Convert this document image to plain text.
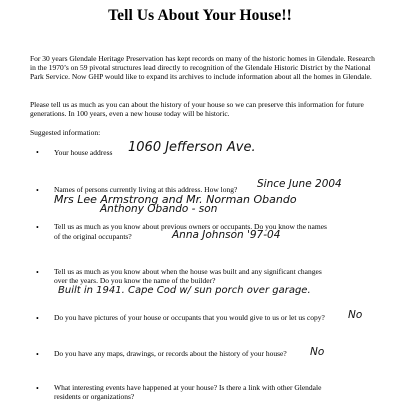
Tell Us About Your House!!
For 30 years Glendale Heritage Preservation has kept records on many of the historic homes in Glendale. Research in the 1970’s on 59 pivotal structures lead directly to recognition of the Glendale Historic District by the National Park Service. Now GHP would like to expand its archives to include information about all the homes in Glendale.
Please tell us as much as you can about the history of your house so we can preserve this information for future generations. In 100 years, even a new house today will be historic.
Suggested information:
• Your house address 1060 Jefferson Ave.
• Names of persons currently living at this address. How long? Since June 2004
Mrs Lee Armstrong and Mr. Norman Obando
Anthony Obando - son
• Tell us as much as you know about previous owners or occupants. Do you know the names
of the original occupants?	Anna Johnson '97-04
• Tell us as much as you know about when the house was built and any significant changes
over the years. Do you know the name of the builder?
Built in 1941. Cape Cod w/ sun porch over garage.
• Do you have pictures of your house or occupants that you would give to us or let us copy? No
• Do you have any maps, drawings, or records about the history of your house? No
• What interesting events have happened at your house? Is there a link with other Glendale
residents or organizations?
